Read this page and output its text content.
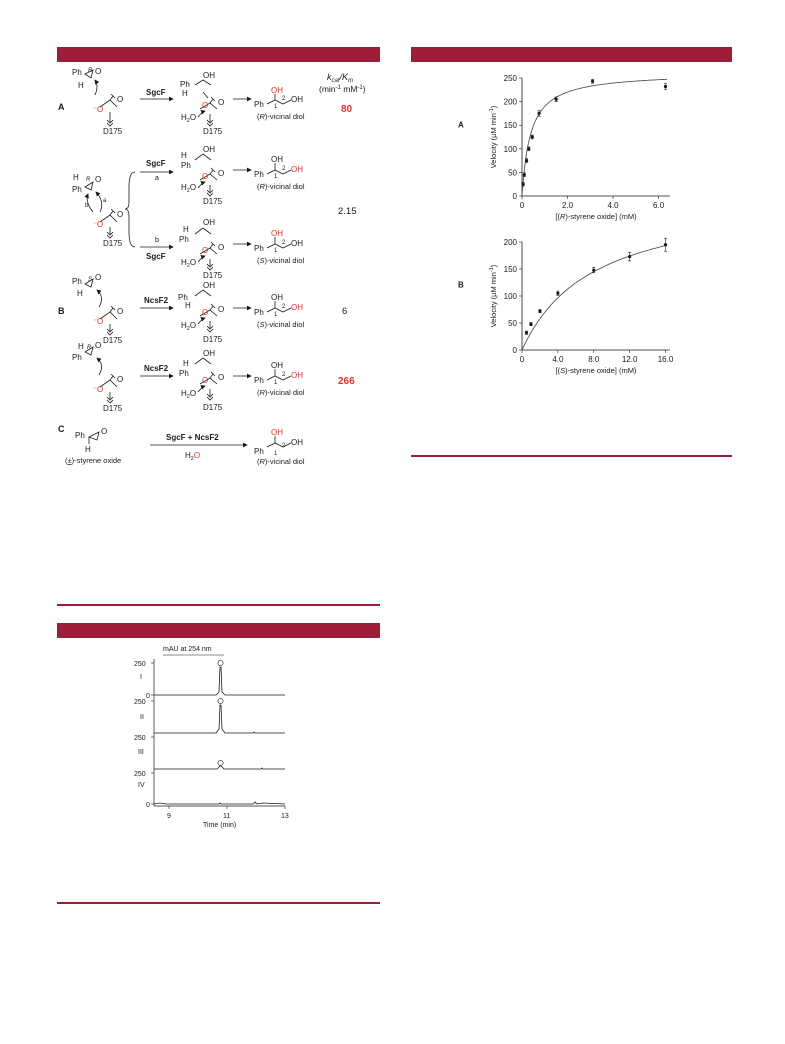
$k_{cat}/K_m$
($\min^{-1}$ $mM^{-1}$)
A
B
C
Ph R O
H
⁻ O
O
D175
SgcF
OH
Ph
H
O O
$H_2O$
D175
OH
Ph 1
2 OH
(R)-vicinal diol
80
H R O
Ph
b
a
⁻ O
O
D175
SgcF
a
b
SgcF
OH
H
Ph
O O
$H_2O$
D175
OH
Ph 1
2 OH
(R)-vicinal diol
2.15
OH
H
Ph
O O
$H_2O$
D175
OH
Ph 1
2 OH
(S)-vicinal diol
Ph S O
H
⁻ O
O
D175
NcsF2
OH
Ph
H
O O
$H_2O$
D175
OH
Ph 1
2 OH
(S)-vicinal diol
6
H R O
Ph
⁻ O
O
D175
NcsF2
OH
H
Ph
O O
$H_2O$
D175
OH
Ph 1
2 OH
(R)-vicinal diol
266
Ph O
H
(±)-styrene oxide
SgcF + NcsF2
$H_2O$
OH
Ph 1
2 OH
(R)-vicinal diol
mAU at 254 nm
I
250
0
II
250
III
250
IV
250
0
9	11	13
Time (min)
A
0
50
100
150
200
250
0	2.0	4.0	6.0
[(R)-styrene oxide] (mM)
Velocity (μM $\min^{-1}$)
B
0
50
100
150
200
0	4.0	8.0	12.0	16.0
[(S)-styrene oxide] (mM)
Velocity (μM $\min^{-1}$)
